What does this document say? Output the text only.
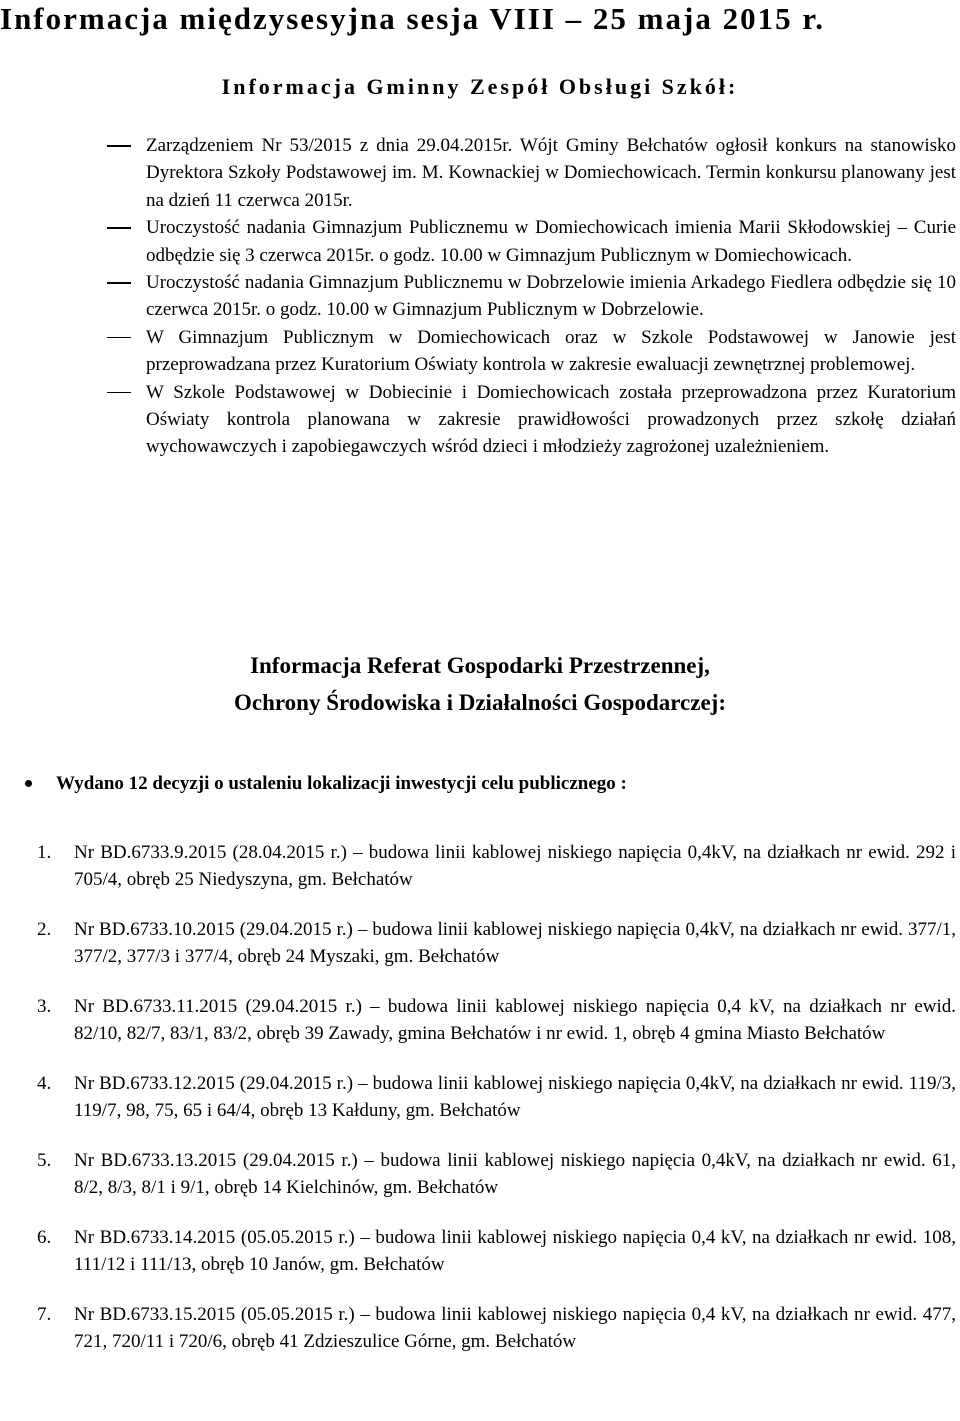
Informacja międzysesyjna sesja VIII – 25 maja 2015 r.
Informacja Gminny Zespół Obsługi Szkół:

Zarządzeniem Nr 53/2015 z dnia 29.04.2015r. Wójt Gminy Bełchatów ogłosił konkurs na stanowisko Dyrektora Szkoły Podstawowej im. M. Kownackiej w Domiechowicach. Termin konkursu planowany jest na dzień 11 czerwca 2015r.

Uroczystość nadania Gimnazjum Publicznemu w Domiechowicach imienia Marii Skłodowskiej – Curie odbędzie się 3 czerwca 2015r. o godz. 10.00 w Gimnazjum Publicznym w Domiechowicach.

Uroczystość nadania Gimnazjum Publicznemu w Dobrzelowie imienia Arkadego Fiedlera odbędzie się 10 czerwca 2015r. o godz. 10.00 w Gimnazjum Publicznym w Dobrzelowie.

W Gimnazjum Publicznym w Domiechowicach oraz w Szkole Podstawowej w Janowie jest przeprowadzana przez Kuratorium Oświaty kontrola w zakresie ewaluacji zewnętrznej problemowej.

W Szkole Podstawowej w Dobiecinie i Domiechowicach została przeprowadzona przez Kuratorium Oświaty kontrola planowana w zakresie prawidłowości prowadzonych przez szkołę działań wychowawczych i zapobiegawczych wśród dzieci i młodzieży zagrożonej uzależnieniem.

Informacja Referat Gospodarki Przestrzennej,
Ochrony Środowiska i Działalności Gospodarczej:
Wydano 12 decyzji o ustaleniu lokalizacji inwestycji celu publicznego :
1. Nr BD.6733.9.2015 (28.04.2015 r.) – budowa linii kablowej niskiego napięcia 0,4kV, na działkach nr ewid. 292 i 705/4, obręb 25 Niedyszyna, gm. Bełchatów

2. Nr BD.6733.10.2015 (29.04.2015 r.) – budowa linii kablowej niskiego napięcia 0,4kV, na działkach nr ewid. 377/1, 377/2, 377/3 i 377/4, obręb 24 Myszaki, gm. Bełchatów

3. Nr BD.6733.11.2015 (29.04.2015 r.) – budowa linii kablowej niskiego napięcia 0,4 kV, na działkach nr ewid. 82/10, 82/7, 83/1, 83/2, obręb 39 Zawady, gmina Bełchatów i nr ewid. 1, obręb 4 gmina Miasto Bełchatów

4. Nr BD.6733.12.2015 (29.04.2015 r.) – budowa linii kablowej niskiego napięcia 0,4kV, na działkach nr ewid. 119/3, 119/7, 98, 75, 65 i 64/4, obręb 13 Kałduny, gm. Bełchatów

5. Nr BD.6733.13.2015 (29.04.2015 r.) – budowa linii kablowej niskiego napięcia 0,4kV, na działkach nr ewid. 61, 8/2, 8/3, 8/1 i 9/1, obręb 14 Kielchinów, gm. Bełchatów

6. Nr BD.6733.14.2015 (05.05.2015 r.) – budowa linii kablowej niskiego napięcia 0,4 kV, na działkach nr ewid. 108, 111/12 i 111/13, obręb 10 Janów, gm. Bełchatów

7. Nr BD.6733.15.2015 (05.05.2015 r.) – budowa linii kablowej niskiego napięcia 0,4 kV, na działkach nr ewid. 477, 721, 720/11 i 720/6, obręb 41 Zdzieszulice Górne, gm. Bełchatów
